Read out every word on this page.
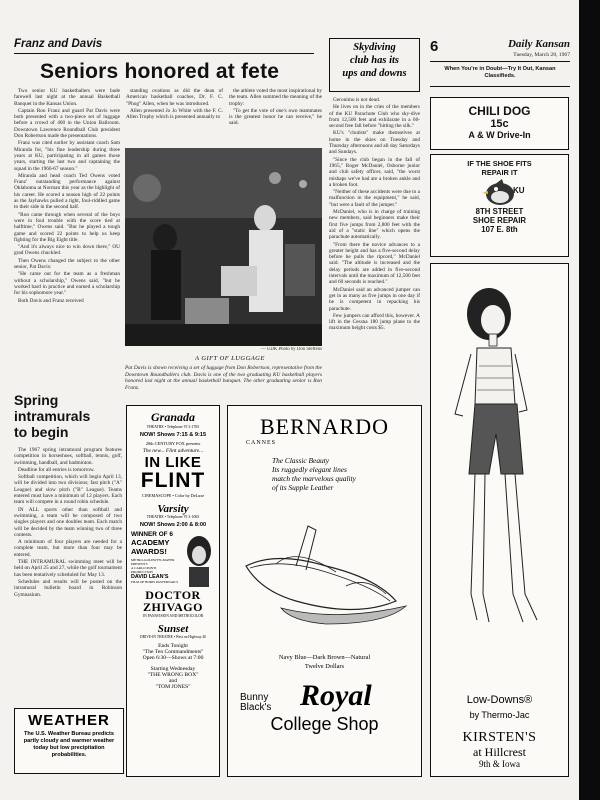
Franz and Davis
Seniors honored at fete
6	Daily Kansan
Tuesday, March 28, 1967

Two senior KU basketballers were bade farewell last night at the annual Basketball Banquet in the Kansas Union.

Captain Ron Franz and guard Pat Davis were both presented with a two-piece set of luggage before a crowd of 400 in the Union Ballroom. Downtown Lawrence Roundball Club president Don Robertson made the presentations.

Franz was cited earlier by assistant coach Sam Miranda for, "his fine leadership during three years at KU, participating in all games those years, starting the last two and captaining the squad in the 1966-67 season."

Miranda and head coach Ted Owens voted Franz' outstanding performance against Oklahoma at Norman this year as the highlight of his career. He scored a season high of 22 points as the Jayhawks pulled a tight, foul-riddled game to their side in the second half.

"Ron came through when several of the boys were in foul trouble with the score tied at halftime," Owens said. "But he played a tough game and scored 22 points to help us keep fighting for the Big Eight title.

"And it's always nice to win down there," OU grad Owens chuckled.

Then Owens changed the subject to the other senior, Pat Davis:

"He came out for the team as a freshman without a scholarship," Owens said, "but he worked hard in practice and earned a scholarship for his sophomore year."

Both Davis and Franz received

standing ovations as did the dean of American basketball coaches, Dr. F. C. "Phog" Allen, when he was introduced.

Allen presented Jo Jo White with the F. C. Allen Trophy which is presented annually to

the athlete voted the most inspirational by the team. Allen summed the meaning of the trophy:

"To get the vote of one's own teammates is the greatest honor he can receive," he said.

— UDK Photo by Don Steffens
A GIFT OF LUGGAGE
Pat Davis is shown receiving a set of luggage from Don Robertson, representative from the Downtown Roundballers club. Davis is one of the two graduating KU basketball players honored last night at the annual basketball banquet. The other graduating senior is Ron Franz.
Skydiving
club has its
ups and downs

Geronimo is not dead.

He lives on in the cries of the members of the KU Parachute Club who sky-dive from 12,500 feet and exhilarate in a 60-second free fall before "hitting the silk."

KU's "chutists" make themselves at home in the skies on Tuesday and Thursday afternoons and all day Saturdays and Sundays.

"Since the club began in the fall of 1965," Roger McDaniel, Osborne junior and club safety officer, said, "the worst mishaps we've had are a broken ankle and a broken foot.

"Neither of these accidents were due to a malfunction in the equipment," he said, "but were a fault of the jumper."

McDaniel, who is in charge of training new members, said beginners make their first five jumps from 2,800 feet with the aid of a "static line" which opens the parachute automatically.

"From there the novice advances to a greater height and has a five-second delay before he pulls the ripcord," McDaniel said. "The altitude is increased and the delay periods are added in five-second intervals until the maximum of 12,500 feet and 60 seconds is reached."

McDaniel said an advanced jumper can get in as many as five jumps in one day if he is competent in repacking his parachute.

Few jumpers can afford this, however. A lift in the Cessna 180 jump plane to the maximum height costs $5.

When You're in Doubt—Try It Out, Kansan Classifieds.
CHILI DOG
15c
A & W Drive-In
IF THE SHOE FITS
REPAIR IT
KU
8TH STREET
SHOE REPAIR
107 E. 8th
Spring
intramurals
to begin

The 1967 spring intramural program features competition in horseshoes, softball, tennis, golf, swimming, handball, and badminton.

Deadline for all entries is tomorrow.

Softball competition, which will begin April 13, will be divided into two divisions; fast pitch ("A" League) and slow pitch ("B" League). Teams entered must have a minimum of 12 players. Each team will compete in a round robin schedule.

IN ALL sports other than softball and swimming, a team will be composed of two singles players and one doubles team. Each match will be decided by the team winning two of three contests.

A minimum of four players are needed for a complete team, but more than four may be entered.

THE INTRAMURAL swimming meet will be held on April 25 and 27, while the golf tournament has been tentatively scheduled for May 13.

Schedules and results will be posted on the intramural bulletin board in Robinson Gymnasium.

WEATHER
The U.S. Weather Bureau predicts partly cloudy and warmer weather today but low precipitation probabilities.
Granada
THEATRE • Telephone VI 3-1765
NOW! Shows 7:15 & 9:15
20th CENTURY FOX presents
The new... Flint adventure...
IN LIKE
FLINT
CINEMASCOPE • Color by DeLuxe
Varsity
THEATRE • Telephone VI 3-1065
NOW! Shows 2:00 & 8:00
WINNER OF 6
ACADEMY
AWARDS!
METRO-GOLDWYN-MAYER PRESENTS
A CARLO PONTI PRODUCTION
DAVID LEAN'S
FILM OF BORIS PASTERNAK'S
DOCTOR
ZHIVAGO
IN PANAVISION AND METROCOLOR
Sunset
DRIVE-IN THEATRE • West on Highway 40
Ends Tonight
"The Ten Commandments"
Open 6:30—Shows at 7:00
Starting Wednesday
"THE WRONG BOX"
and
"TOM JONES"
BERNARDO
CANNES
The Classic Beauty
Its ruggedly elegant lines
match the marvelous quality
of its Supple Leather
Navy Blue—Dark Brown—Natural
Twelve Dollars
Bunny
Black's Royal
College Shop
Low-Downs®
by Thermo-Jac
KIRSTEN'S
at Hillcrest
9th & Iowa
